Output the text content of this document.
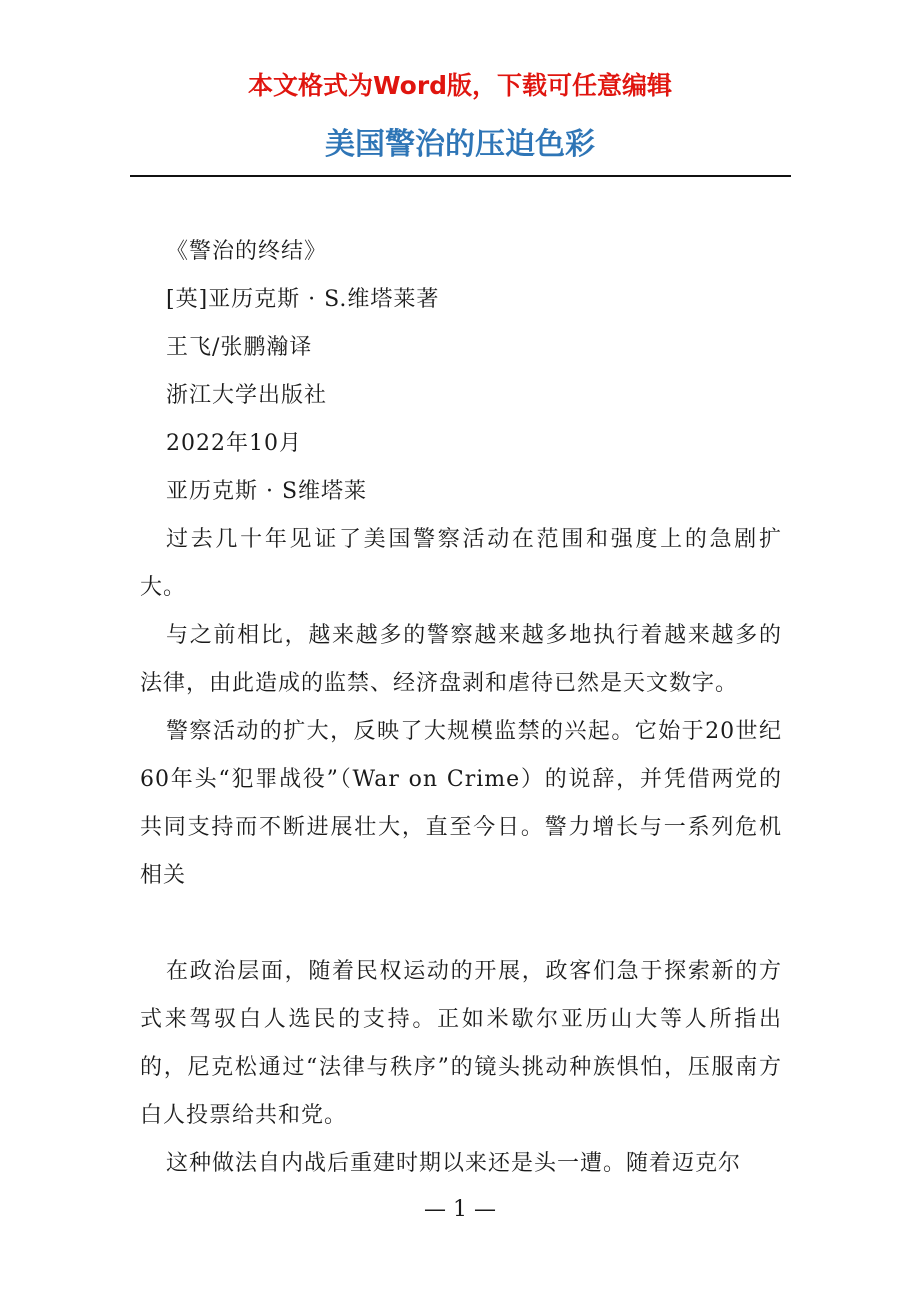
本文格式为Word版，下载可任意编辑
美国警治的压迫色彩

《警治的终结》

[英]亚历克斯 · S.维塔莱著

王飞/张鹏瀚译

浙江大学出版社

2022年10月

亚历克斯 · S维塔莱

过去几十年见证了美国警察活动在范围和强度上的急剧扩大。

与之前相比，越来越多的警察越来越多地执行着越来越多的法律，由此造成的监禁、经济盘剥和虐待已然是天文数字。

警察活动的扩大，反映了大规模监禁的兴起。它始于20世纪60年头“犯罪战役”（War on Crime）的说辞，并凭借两党的共同支持而不断进展壮大，直至今日。警力增长与一系列危机相关

在政治层面，随着民权运动的开展，政客们急于探索新的方式来驾驭白人选民的支持。正如米歇尔亚历山大等人所指出的，尼克松通过“法律与秩序”的镜头挑动种族惧怕，压服南方白人投票给共和党。

这种做法自内战后重建时期以来还是头一遭。随着迈克尔

— 1 —
